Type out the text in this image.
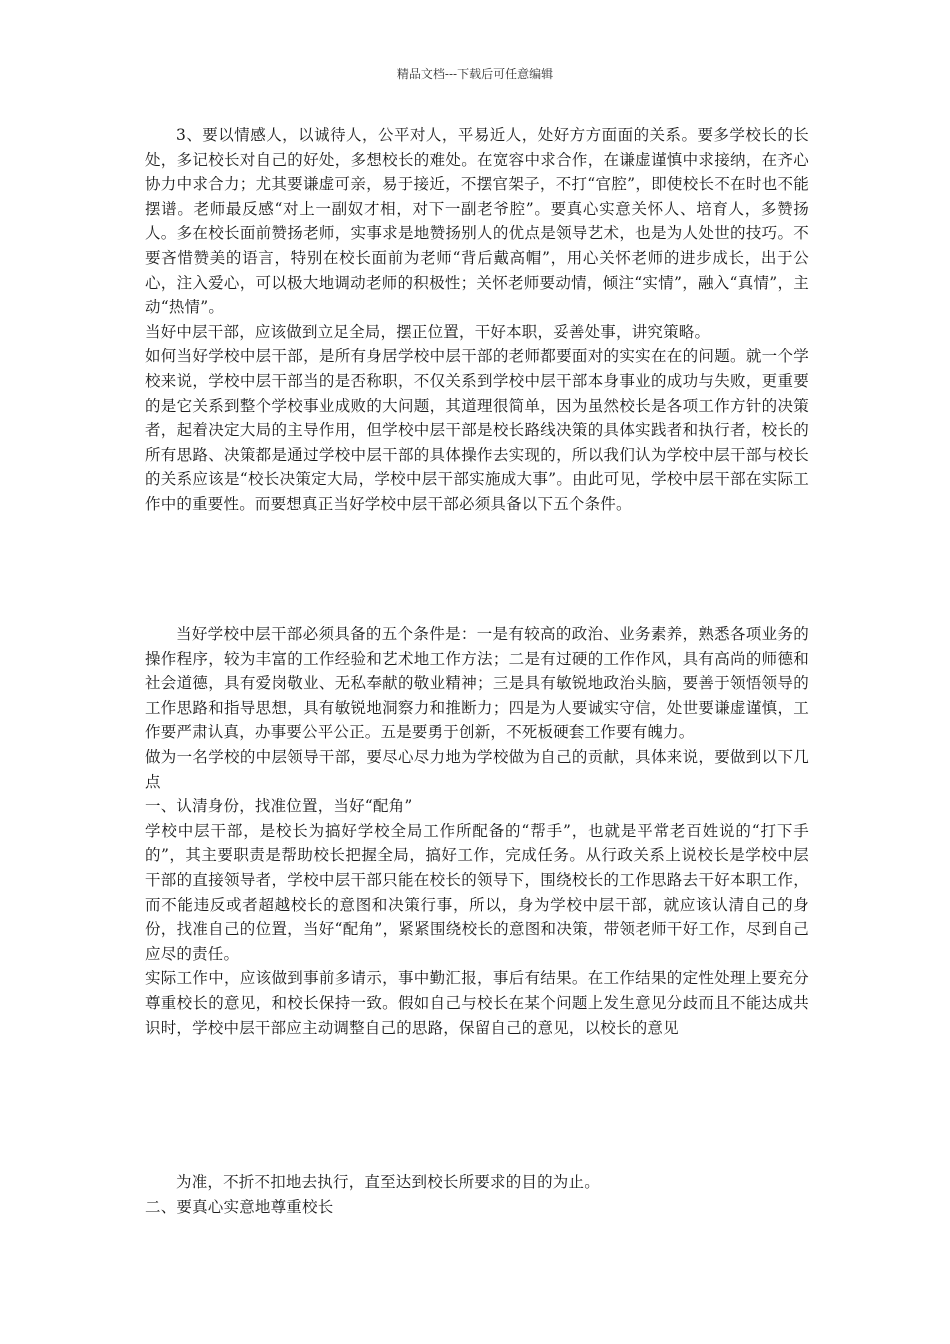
精品文档---下载后可任意编辑

3、要以情感人，以诚待人，公平对人，平易近人，处好方方面面的关系。要多学校长的长处，多记校长对自己的好处，多想校长的难处。在宽容中求合作，在谦虚谨慎中求接纳，在齐心协力中求合力；尤其要谦虚可亲，易于接近，不摆官架子，不打“官腔”，即使校长不在时也不能摆谱。老师最反感“对上一副奴才相，对下一副老爷腔”。要真心实意关怀人、培育人，多赞扬人。多在校长面前赞扬老师，实事求是地赞扬别人的优点是领导艺术，也是为人处世的技巧。不要吝惜赞美的语言，特别在校长面前为老师“背后戴高帽”，用心关怀老师的进步成长，出于公心，注入爱心，可以极大地调动老师的积极性；关怀老师要动情，倾注“实情”，融入“真情”，主动“热情”。

当好中层干部，应该做到立足全局，摆正位置，干好本职，妥善处事，讲究策略。

如何当好学校中层干部，是所有身居学校中层干部的老师都要面对的实实在在的问题。就一个学校来说，学校中层干部当的是否称职，不仅关系到学校中层干部本身事业的成功与失败，更重要的是它关系到整个学校事业成败的大问题，其道理很简单，因为虽然校长是各项工作方针的决策者，起着决定大局的主导作用，但学校中层干部是校长路线决策的具体实践者和执行者，校长的所有思路、决策都是通过学校中层干部的具体操作去实现的，所以我们认为学校中层干部与校长的关系应该是“校长决策定大局，学校中层干部实施成大事”。由此可见，学校中层干部在实际工作中的重要性。而要想真正当好学校中层干部必须具备以下五个条件。

当好学校中层干部必须具备的五个条件是：一是有较高的政治、业务素养，熟悉各项业务的操作程序，较为丰富的工作经验和艺术地工作方法；二是有过硬的工作作风，具有高尚的师德和社会道德，具有爱岗敬业、无私奉献的敬业精神；三是具有敏锐地政治头脑，要善于领悟领导的工作思路和指导思想，具有敏锐地洞察力和推断力；四是为人要诚实守信，处世要谦虚谨慎，工作要严肃认真，办事要公平公正。五是要勇于创新，不死板硬套工作要有魄力。

做为一名学校的中层领导干部，要尽心尽力地为学校做为自己的贡献，具体来说，要做到以下几点

一、认清身份，找准位置，当好“配角”

学校中层干部，是校长为搞好学校全局工作所配备的“帮手”，也就是平常老百姓说的“打下手的”，其主要职责是帮助校长把握全局，搞好工作，完成任务。从行政关系上说校长是学校中层干部的直接领导者，学校中层干部只能在校长的领导下，围绕校长的工作思路去干好本职工作，而不能违反或者超越校长的意图和决策行事，所以，身为学校中层干部，就应该认清自己的身份，找准自己的位置，当好“配角”，紧紧围绕校长的意图和决策，带领老师干好工作，尽到自己应尽的责任。

实际工作中，应该做到事前多请示，事中勤汇报，事后有结果。在工作结果的定性处理上要充分尊重校长的意见，和校长保持一致。假如自己与校长在某个问题上发生意见分歧而且不能达成共识时，学校中层干部应主动调整自己的思路，保留自己的意见，以校长的意见

为准，不折不扣地去执行，直至达到校长所要求的目的为止。

二、要真心实意地尊重校长
